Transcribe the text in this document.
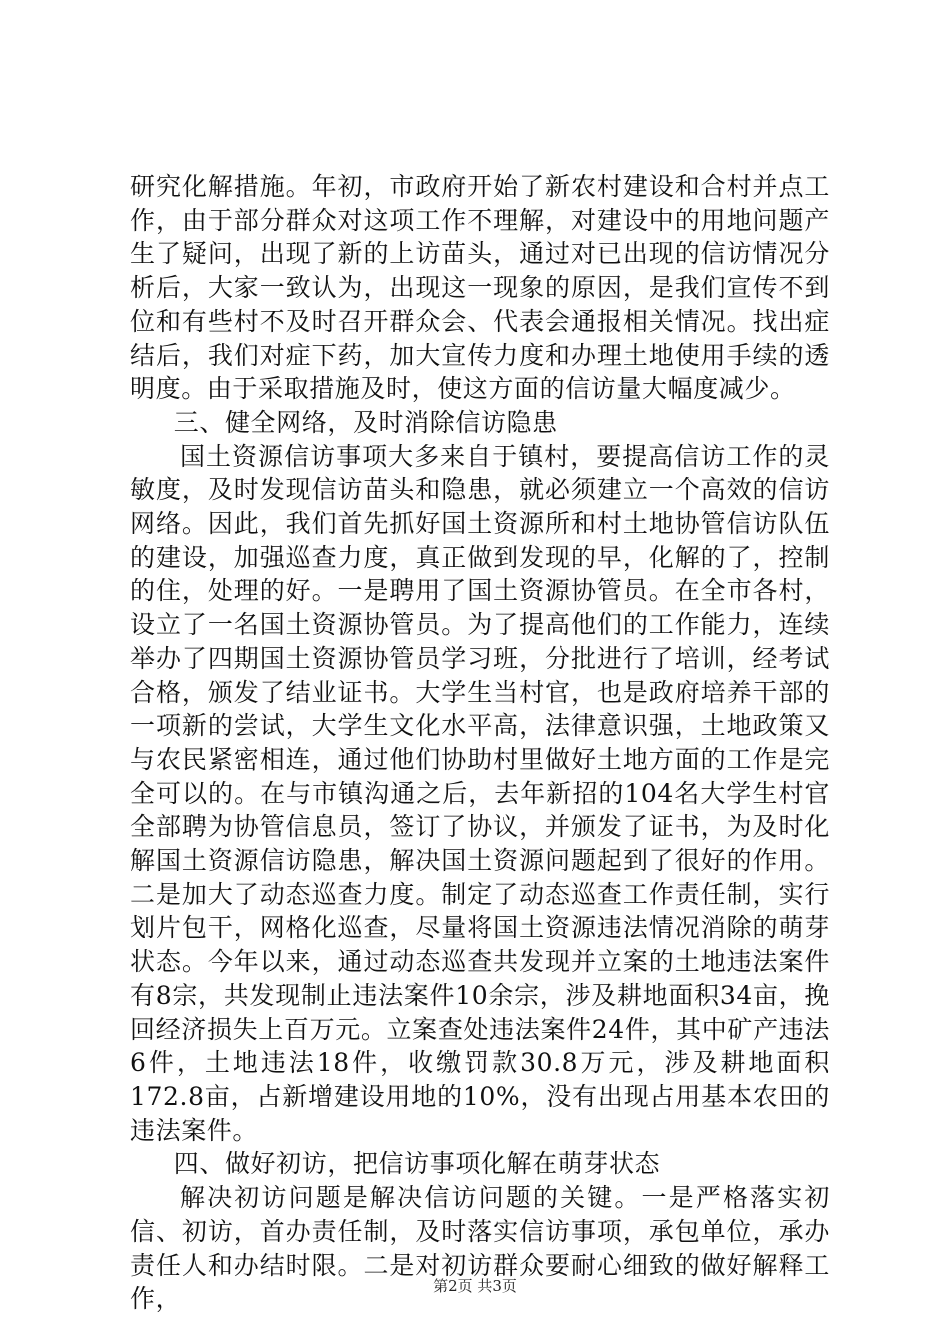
研究化解措施。年初，市政府开始了新农村建设和合村并点工作，由于部分群众对这项工作不理解，对建设中的用地问题产生了疑问，出现了新的上访苗头，通过对已出现的信访情况分析后，大家一致认为，出现这一现象的原因，是我们宣传不到位和有些村不及时召开群众会、代表会通报相关情况。找出症结后，我们对症下药，加大宣传力度和办理土地使用手续的透明度。由于采取措施及时，使这方面的信访量大幅度减少。

三、健全网络，及时消除信访隐患

国土资源信访事项大多来自于镇村，要提高信访工作的灵敏度，及时发现信访苗头和隐患，就必须建立一个高效的信访网络。因此，我们首先抓好国土资源所和村土地协管信访队伍的建设，加强巡查力度，真正做到发现的早，化解的了，控制的住，处理的好。一是聘用了国土资源协管员。在全市各村，设立了一名国土资源协管员。为了提高他们的工作能力，连续举办了四期国土资源协管员学习班，分批进行了培训，经考试合格，颁发了结业证书。大学生当村官，也是政府培养干部的一项新的尝试，大学生文化水平高，法律意识强，土地政策又与农民紧密相连，通过他们协助村里做好土地方面的工作是完全可以的。在与市镇沟通之后，去年新招的104名大学生村官全部聘为协管信息员，签订了协议，并颁发了证书，为及时化解国土资源信访隐患，解决国土资源问题起到了很好的作用。二是加大了动态巡查力度。制定了动态巡查工作责任制，实行划片包干，网格化巡查，尽量将国土资源违法情况消除的萌芽状态。今年以来，通过动态巡查共发现并立案的土地违法案件有8宗，共发现制止违法案件10余宗，涉及耕地面积34亩，挽回经济损失上百万元。立案查处违法案件24件，其中矿产违法6件，土地违法18件，收缴罚款30.8万元，涉及耕地面积172.8亩，占新增建设用地的10%，没有出现占用基本农田的违法案件。

四、做好初访，把信访事项化解在萌芽状态

解决初访问题是解决信访问题的关键。一是严格落实初信、初访，首办责任制，及时落实信访事项，承包单位，承办责任人和办结时限。二是对初访群众要耐心细致的做好解释工作，	第2页 共3页
